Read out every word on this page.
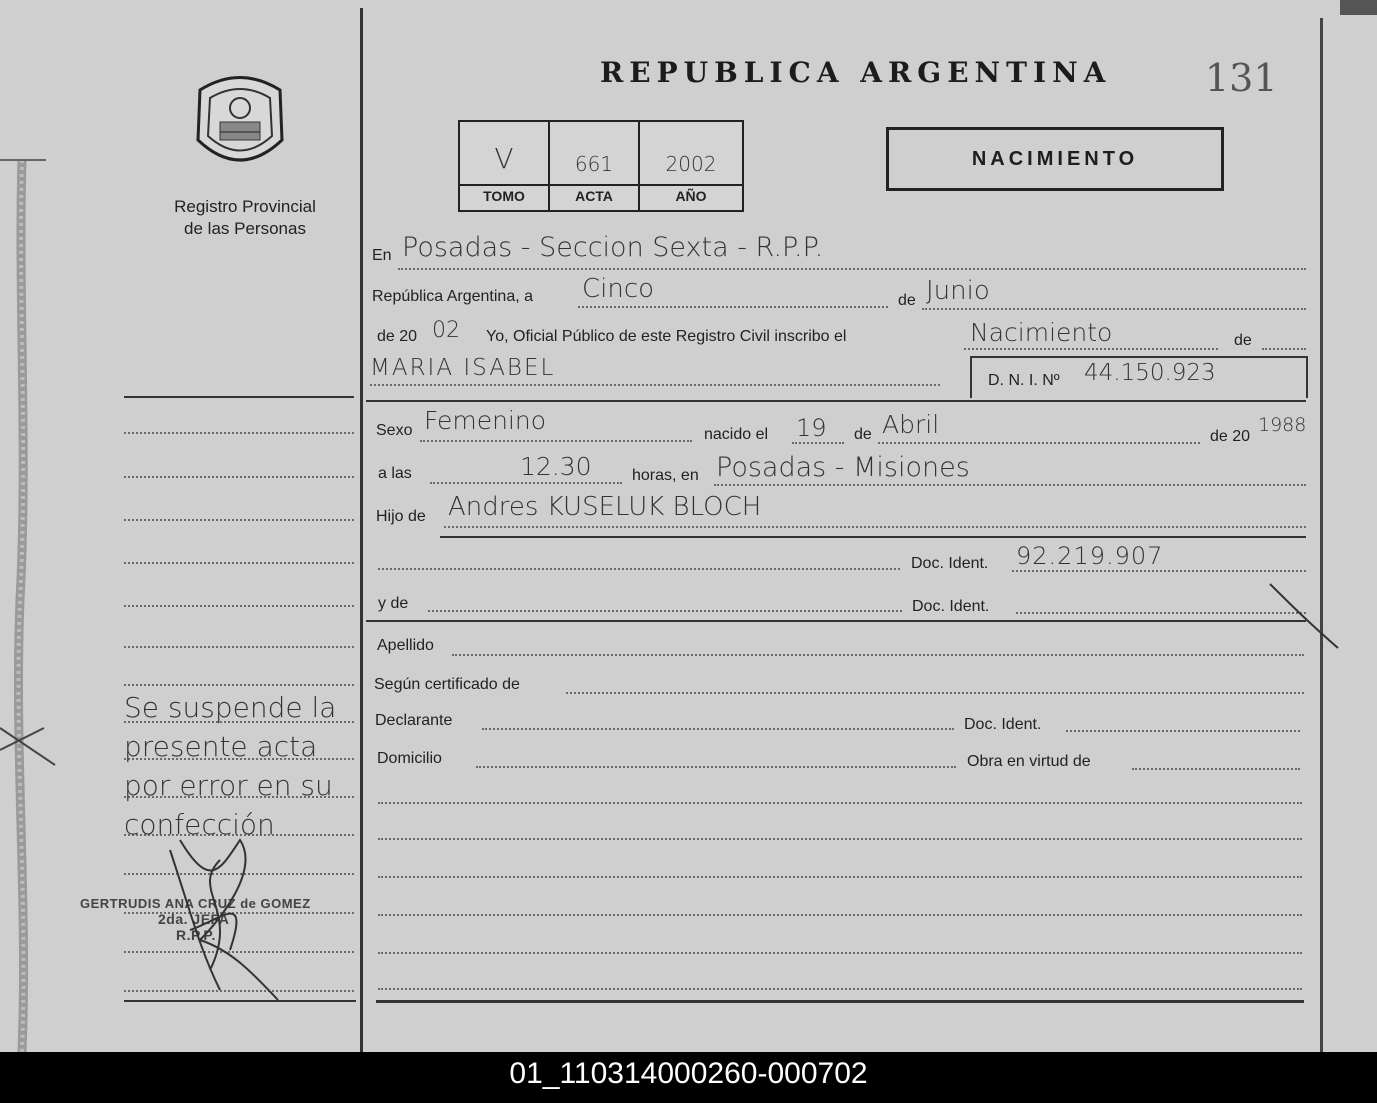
Registro Provincial
de las Personas
Se suspende la
presente acta
por error en su
confección
GERTRUDIS ANA CRUZ de GOMEZ
2da. JEFA
R.P.P.
REPUBLICA ARGENTINA 131
V	661	2002
TOMO	ACTA	AÑO
NACIMIENTO
En Posadas - Seccion Sexta - R.P.P.
República Argentina, a Cinco	de Junio
de 20 02 Yo, Oficial Público de este Registro Civil inscribo el	Nacimiento	de
MARIA ISABEL	D. N. I. Nº 44.150.923
Sexo Femenino	nacido el 19 de Abril	de 20
1988
a las	12.30	horas, en Posadas - Misiones
Hijo de Andres KUSELUK BLOCH
Doc. Ident. 92.219.907
y de	Doc. Ident.
Apellido
Según certificado de
Declarante	Doc. Ident.
Domicilio	Obra en virtud de
01_110314000260-000702
